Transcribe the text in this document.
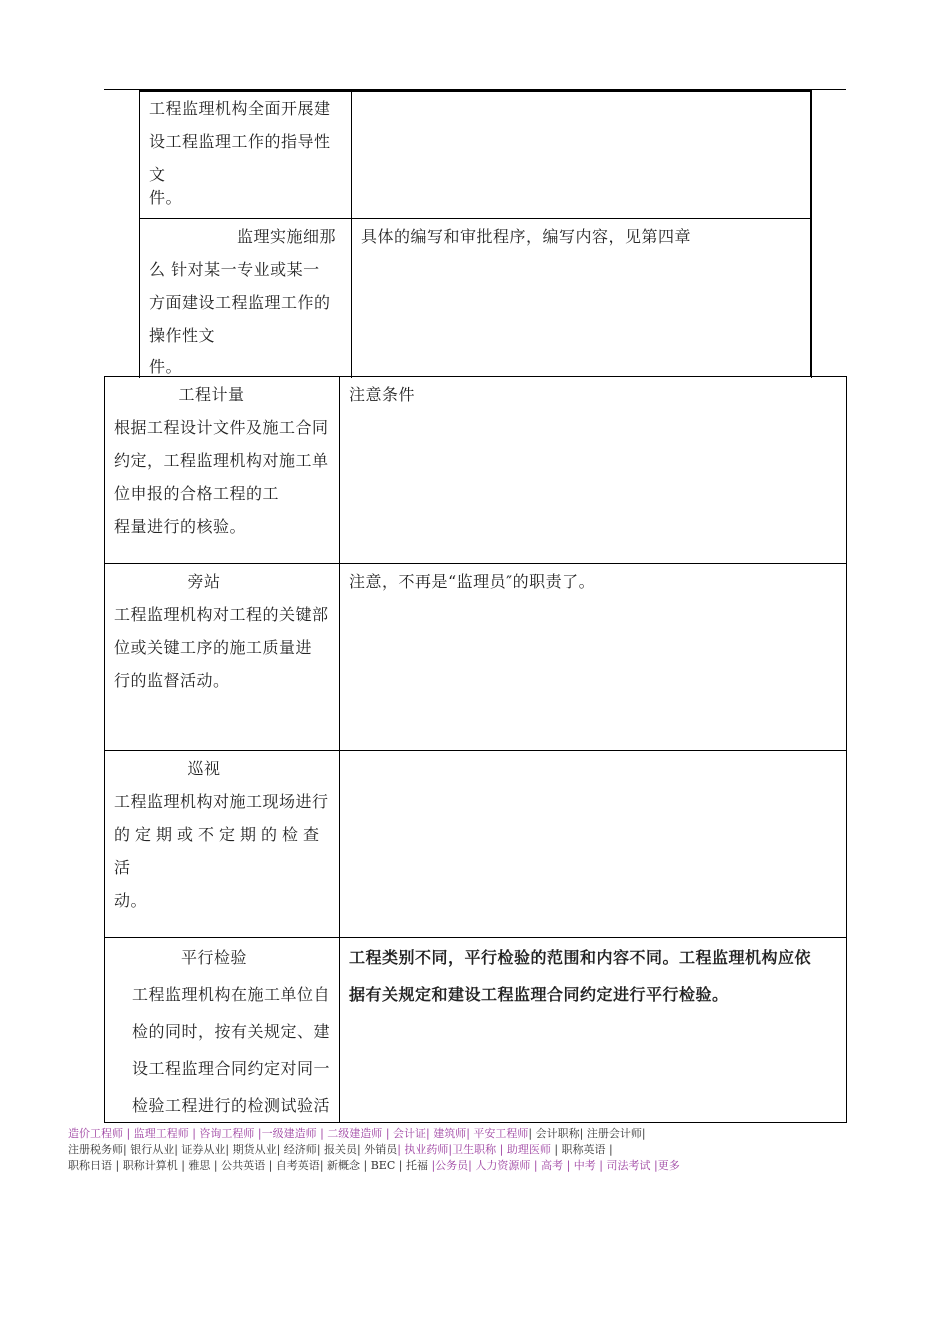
工程监理机构全面开展建
设工程监理工作的指导性
文
件。
监理实施细那
么 针对某一专业或某一
方面建设工程监理工作的
操作性文
件。
具体的编写和审批程序，编写内容，见第四章
工程计量
根据工程设计文件及施工合同
约定，工程监理机构对施工单
位申报的合格工程的工
程量进行的核验。
注意条件
旁站
工程监理机构对工程的关键部
位或关键工序的施工质量进
行的监督活动。
注意，不再是“监理员″的职责了。
巡视
工程监理机构对施工现场进行
的定期或不定期的检查活
动。
平行检验
工程监理机构在施工单位自
检的同时，按有关规定、建
设工程监理合同约定对同一
检验工程进行的检测试验活
工程类别不同，平行检验的范围和内容不同。工程监理机构应依
据有关规定和建设工程监理合同约定进行平行检验。
造价工程师 | 监理工程师 | 咨询工程师 |一级建造师 | 二级建造师 | 会计证| 建筑师| 平安工程师| 会计职称| 注册会计师|
注册税务师| 银行从业| 证券从业| 期货从业| 经济师| 报关员| 外销员| 执业药师|卫生职称 | 助理医师 | 职称英语 |
职称日语 | 职称计算机 | 雅思 | 公共英语 | 自考英语| 新概念 | BEC | 托福 |公务员| 人力资源师 | 高考 | 中考 | 司法考试 |更多
